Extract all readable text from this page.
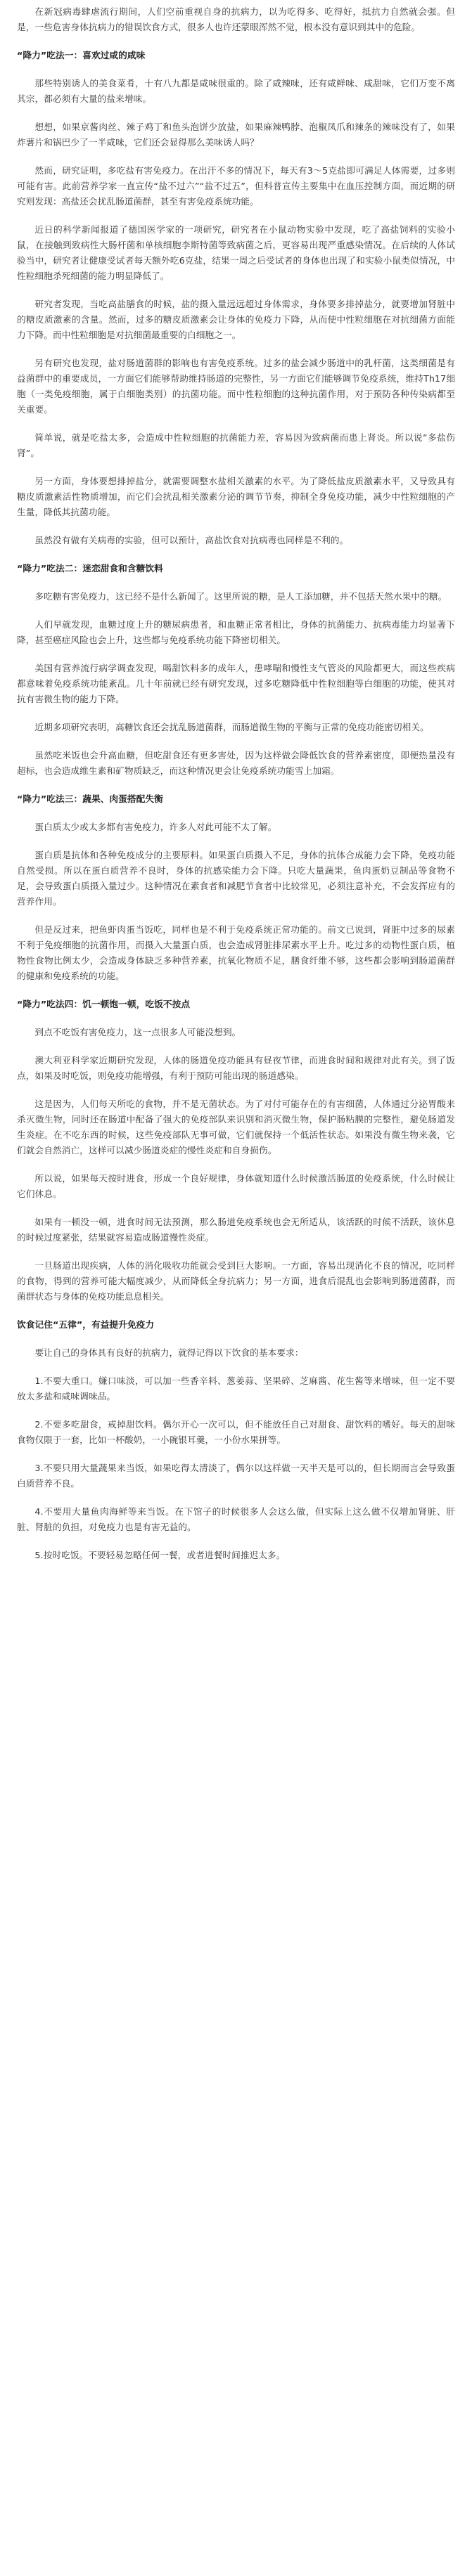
在新冠病毒肆虐流行期间，人们空前重视自身的抗病力，以为吃得多、吃得好，抵抗力自然就会强。但是，一些危害身体抗病力的错误饮食方式，很多人也许还蒙眼浑然不觉，根本没有意识到其中的危险。

“降力”吃法一：喜欢过咸的咸味

那些特别诱人的美食菜肴，十有八九都是咸味很重的。除了咸辣味，还有咸鲜味、咸甜味，它们万变不离其宗，都必须有大量的盐来增味。

想想，如果京酱肉丝、辣子鸡丁和鱼头泡饼少放盐，如果麻辣鸭脖、泡椒凤爪和辣条的辣味没有了，如果炸薯片和锅巴少了一半咸味，它们还会显得那么美味诱人吗？

然而，研究证明，多吃盐有害免疫力。在出汗不多的情况下，每天有3～5克盐即可满足人体需要，过多则可能有害。此前营养学家一直宣传“盐不过六”“盐不过五”，但科普宣传主要集中在血压控制方面，而近期的研究则发现：高盐还会扰乱肠道菌群，甚至有害免疫系统功能。

近日的科学新闻报道了德国医学家的一项研究，研究者在小鼠动物实验中发现，吃了高盐饲料的实验小鼠，在接触到致病性大肠杆菌和单核细胞李斯特菌等致病菌之后，更容易出现严重感染情况。在后续的人体试验当中，研究者让健康受试者每天额外吃6克盐，结果一周之后受试者的身体也出现了和实验小鼠类似情况，中性粒细胞杀死细菌的能力明显降低了。

研究者发现，当吃高盐膳食的时候，盐的摄入量远远超过身体需求，身体要多排掉盐分，就要增加肾脏中的糖皮质激素的含量。然而，过多的糖皮质激素会让身体的免疫力下降，从而使中性粒细胞在对抗细菌方面能力下降。而中性粒细胞是对抗细菌最重要的白细胞之一。

另有研究也发现，盐对肠道菌群的影响也有害免疫系统。过多的盐会减少肠道中的乳杆菌，这类细菌是有益菌群中的重要成员，一方面它们能够帮助维持肠道的完整性，另一方面它们能够调节免疫系统，维持Th17细胞（一类免疫细胞，属于白细胞类别）的抗菌功能。而中性粒细胞的这种抗菌作用，对于预防各种传染病都至关重要。

简单说，就是吃盐太多，会造成中性粒细胞的抗菌能力差，容易因为致病菌而患上肾炎。所以说“多盐伤肾”。

另一方面，身体要想排掉盐分，就需要调整水盐相关激素的水平。为了降低盐皮质激素水平，又导致具有糖皮质激素活性物质增加，而它们会扰乱相关激素分泌的调节节奏，抑制全身免疫功能，减少中性粒细胞的产生量，降低其抗菌功能。

虽然没有做有关病毒的实验，但可以预计，高盐饮食对抗病毒也同样是不利的。

“降力”吃法二：迷恋甜食和含糖饮料

多吃糖有害免疫力，这已经不是什么新闻了。这里所说的糖，是人工添加糖，并不包括天然水果中的糖。

人们早就发现，血糖过度上升的糖尿病患者，和血糖正常者相比，身体的抗菌能力、抗病毒能力均显著下降，甚至癌症风险也会上升，这些都与免疫系统功能下降密切相关。

美国有营养流行病学调查发现，喝甜饮料多的成年人，患哮喘和慢性支气管炎的风险都更大，而这些疾病都意味着免疫系统功能紊乱。几十年前就已经有研究发现，过多吃糖降低中性粒细胞等白细胞的功能，使其对抗有害微生物的能力下降。

近期多项研究表明，高糖饮食还会扰乱肠道菌群，而肠道微生物的平衡与正常的免疫功能密切相关。

虽然吃米饭也会升高血糖，但吃甜食还有更多害处，因为这样做会降低饮食的营养素密度，即便热量没有超标，也会造成维生素和矿物质缺乏，而这种情况更会让免疫系统功能雪上加霜。

“降力”吃法三：蔬果、肉蛋搭配失衡

蛋白质太少或太多都有害免疫力，许多人对此可能不太了解。

蛋白质是抗体和各种免疫成分的主要原料。如果蛋白质摄入不足，身体的抗体合成能力会下降，免疫功能自然受损。所以在蛋白质营养不良时，身体的抗感染能力会下降。只吃大量蔬果，鱼肉蛋奶豆制品等食物不足，会导致蛋白质摄入量过少。这种情况在素食者和减肥节食者中比较常见，必须注意补充，不会发挥应有的营养作用。

但是反过来，把鱼虾肉蛋当饭吃，同样也是不利于免疫系统正常功能的。前文已说到，肾脏中过多的尿素不利于免疫细胞的抗菌作用，而摄入大量蛋白质，也会造成肾脏排尿素水平上升。吃过多的动物性蛋白质，植物性食物比例太少，会造成身体缺乏多种营养素，抗氧化物质不足，膳食纤维不够，这些都会影响到肠道菌群的健康和免疫系统的功能。

“降力”吃法四：饥一顿饱一顿，吃饭不按点

到点不吃饭有害免疫力，这一点很多人可能没想到。

澳大利亚科学家近期研究发现，人体的肠道免疫功能具有昼夜节律，而进食时间和规律对此有关。到了饭点，如果及时吃饭，则免疫功能增强，有利于预防可能出现的肠道感染。

这是因为，人们每天所吃的食物，并不是无菌状态。为了对付可能存在的有害细菌，人体通过分泌胃酸来杀灭微生物，同时还在肠道中配备了强大的免疫部队来识别和消灭微生物，保护肠粘膜的完整性，避免肠道发生炎症。在不吃东西的时候，这些免疫部队无事可做，它们就保持一个低活性状态。如果没有微生物来袭，它们就会自然消亡，这样可以减少肠道炎症的慢性炎症和自身损伤。

所以说，如果每天按时进食，形成一个良好规律，身体就知道什么时候激活肠道的免疫系统，什么时候让它们休息。

如果有一顿没一顿，进食时间无法预测，那么肠道免疫系统也会无所适从，该活跃的时候不活跃，该休息的时候过度紧张，结果就容易造成肠道慢性炎症。

一旦肠道出现疾病，人体的消化吸收功能就会受到巨大影响。一方面，容易出现消化不良的情况，吃同样的食物，得到的营养可能大幅度减少，从而降低全身抗病力；另一方面，进食后混乱也会影响到肠道菌群，而菌群状态与身体的免疫功能息息相关。

饮食记住“五律”，有益提升免疫力

要让自己的身体具有良好的抗病力，就得记得以下饮食的基本要求：

1.不要大重口。嫌口味淡，可以加一些香辛料、葱姜蒜、坚果碎、芝麻酱、花生酱等来增味，但一定不要放太多盐和咸味调味品。

2.不要多吃甜食，戒掉甜饮料。偶尔开心一次可以，但不能放任自己对甜食、甜饮料的嗜好。每天的甜味食物仅限于一套，比如一杯酸奶，一小碗银耳羹，一小份水果拼等。

3.不要只用大量蔬果来当饭，如果吃得太清淡了，偶尔以这样做一天半天是可以的，但长期而言会导致蛋白质营养不良。

4.不要用大量鱼肉海鲜等来当饭。在下馆子的时候很多人会这么做，但实际上这么做不仅增加肾脏、肝脏、肾脏的负担，对免疫力也是有害无益的。

5.按时吃饭。不要轻易忽略任何一餐，或者进餐时间推迟太多。
